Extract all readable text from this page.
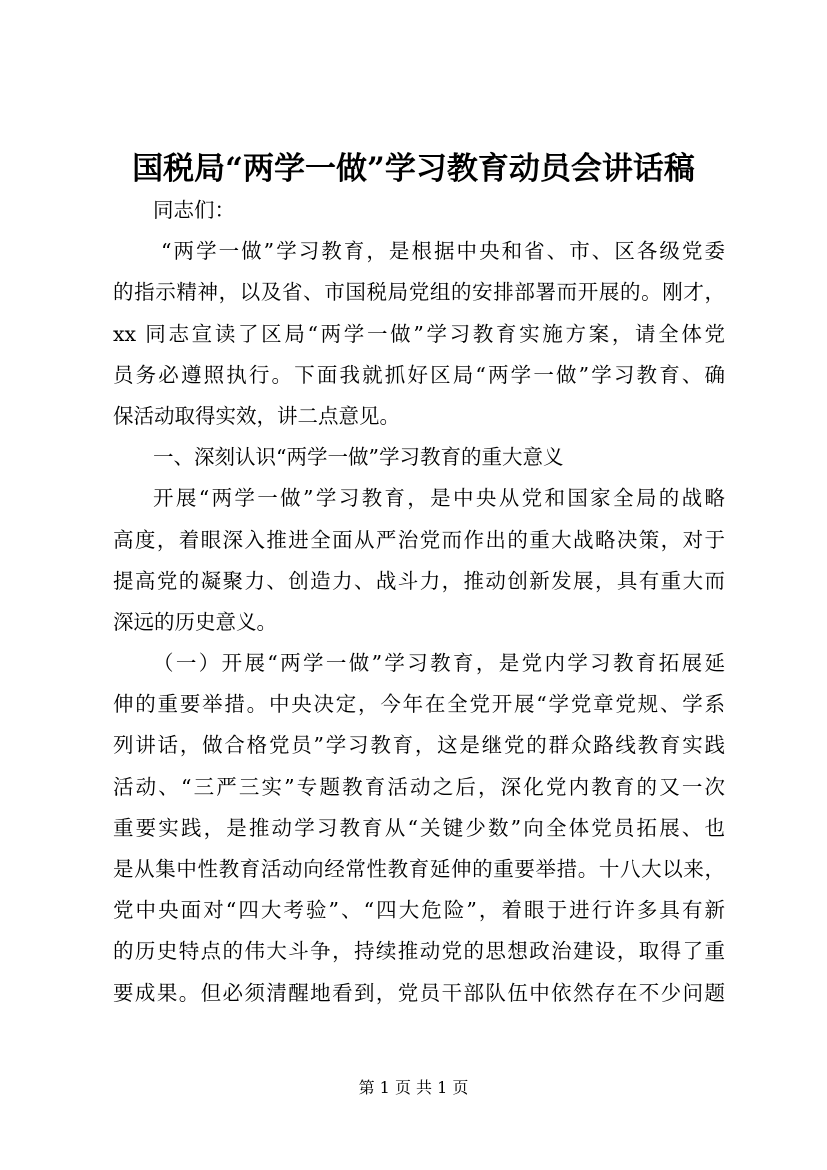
国税局“两学一做”学习教育动员会讲话稿
同志们：
“两学一做”学习教育，是根据中央和省、市、区各级党委
的指示精神，以及省、市国税局党组的安排部署而开展的。刚才，
xx 同志宣读了区局“两学一做”学习教育实施方案，请全体党
员务必遵照执行。下面我就抓好区局“两学一做”学习教育、确
保活动取得实效，讲二点意见。
一、深刻认识“两学一做”学习教育的重大意义
开展“两学一做”学习教育，是中央从党和国家全局的战略
高度，着眼深入推进全面从严治党而作出的重大战略决策，对于
提高党的凝聚力、创造力、战斗力，推动创新发展，具有重大而
深远的历史意义。
（一）开展“两学一做”学习教育，是党内学习教育拓展延
伸的重要举措。中央决定，今年在全党开展“学党章党规、学系
列讲话，做合格党员”学习教育，这是继党的群众路线教育实践
活动、“三严三实”专题教育活动之后，深化党内教育的又一次
重要实践，是推动学习教育从“关键少数”向全体党员拓展、也
是从集中性教育活动向经常性教育延伸的重要举措。十八大以来，
党中央面对“四大考验”、“四大危险”，着眼于进行许多具有新
的历史特点的伟大斗争，持续推动党的思想政治建设，取得了重
要成果。但必须清醒地看到，党员干部队伍中依然存在不少问题
第 1 页 共 1 页
